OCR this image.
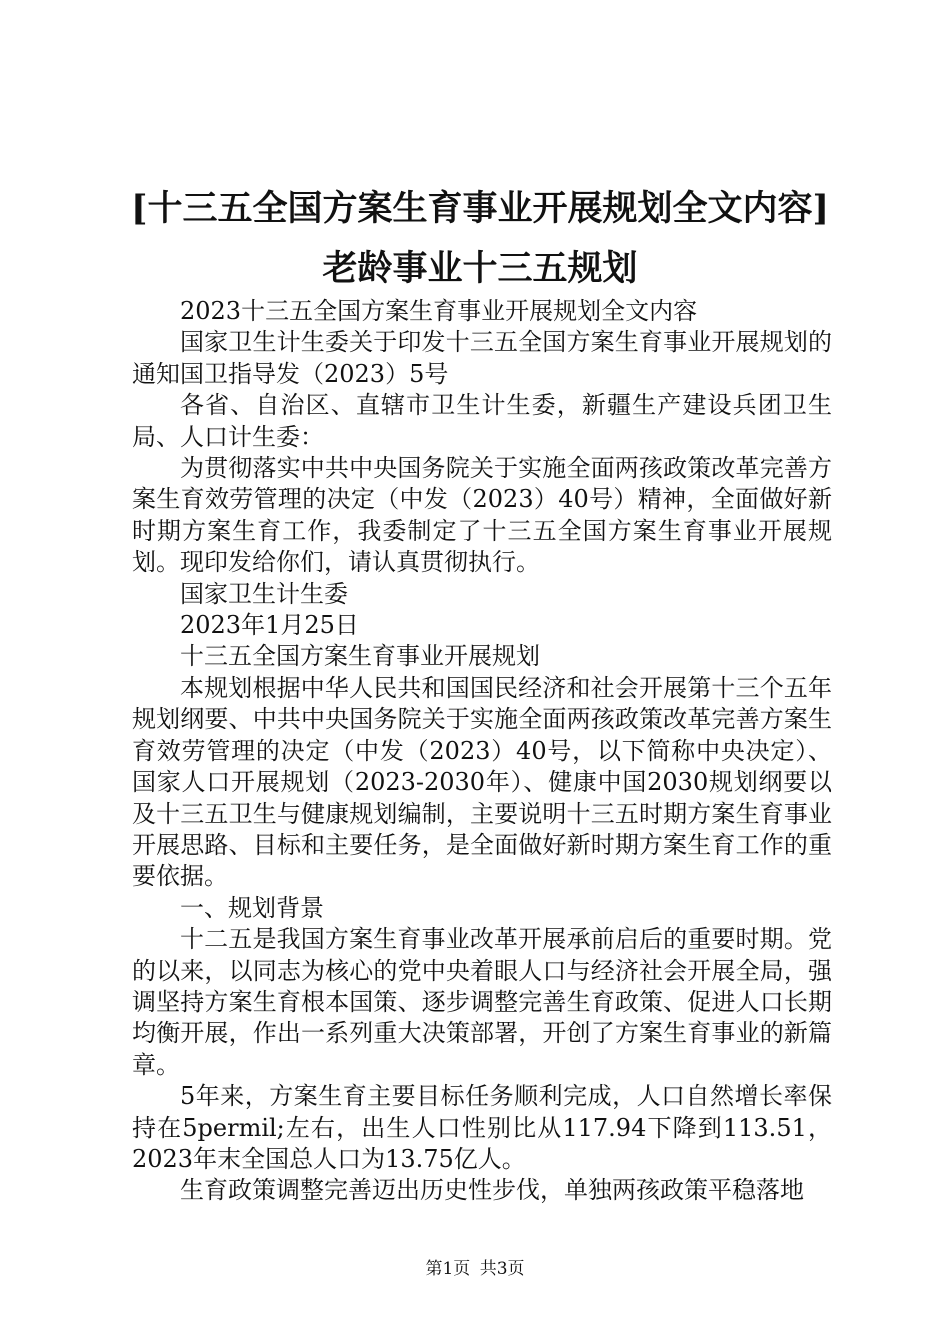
[十三五全国方案生育事业开展规划全文内容]
老龄事业十三五规划

2023十三五全国方案生育事业开展规划全文内容

国家卫生计生委关于印发十三五全国方案生育事业开展规划的通知国卫指导发（2023）5号

各省、自治区、直辖市卫生计生委，新疆生产建设兵团卫生局、人口计生委：

为贯彻落实中共中央国务院关于实施全面两孩政策改革完善方案生育效劳管理的决定（中发（2023）40号）精神，全面做好新时期方案生育工作，我委制定了十三五全国方案生育事业开展规划。现印发给你们，请认真贯彻执行。

国家卫生计生委

2023年1月25日

十三五全国方案生育事业开展规划

本规划根据中华人民共和国国民经济和社会开展第十三个五年规划纲要、中共中央国务院关于实施全面两孩政策改革完善方案生育效劳管理的决定（中发（2023）40号，以下简称中央决定）、国家人口开展规划（2023-2030年）、健康中国2030规划纲要以及十三五卫生与健康规划编制，主要说明十三五时期方案生育事业开展思路、目标和主要任务，是全面做好新时期方案生育工作的重要依据。

一、规划背景

十二五是我国方案生育事业改革开展承前启后的重要时期。党的以来，以同志为核心的党中央着眼人口与经济社会开展全局，强调坚持方案生育根本国策、逐步调整完善生育政策、促进人口长期均衡开展，作出一系列重大决策部署，开创了方案生育事业的新篇章。

5年来，方案生育主要目标任务顺利完成，人口自然增长率保持在5permil;左右，出生人口性别比从117.94下降到113.51，2023年末全国总人口为13.75亿人。

生育政策调整完善迈出历史性步伐，单独两孩政策平稳落地

第1页 共3页
